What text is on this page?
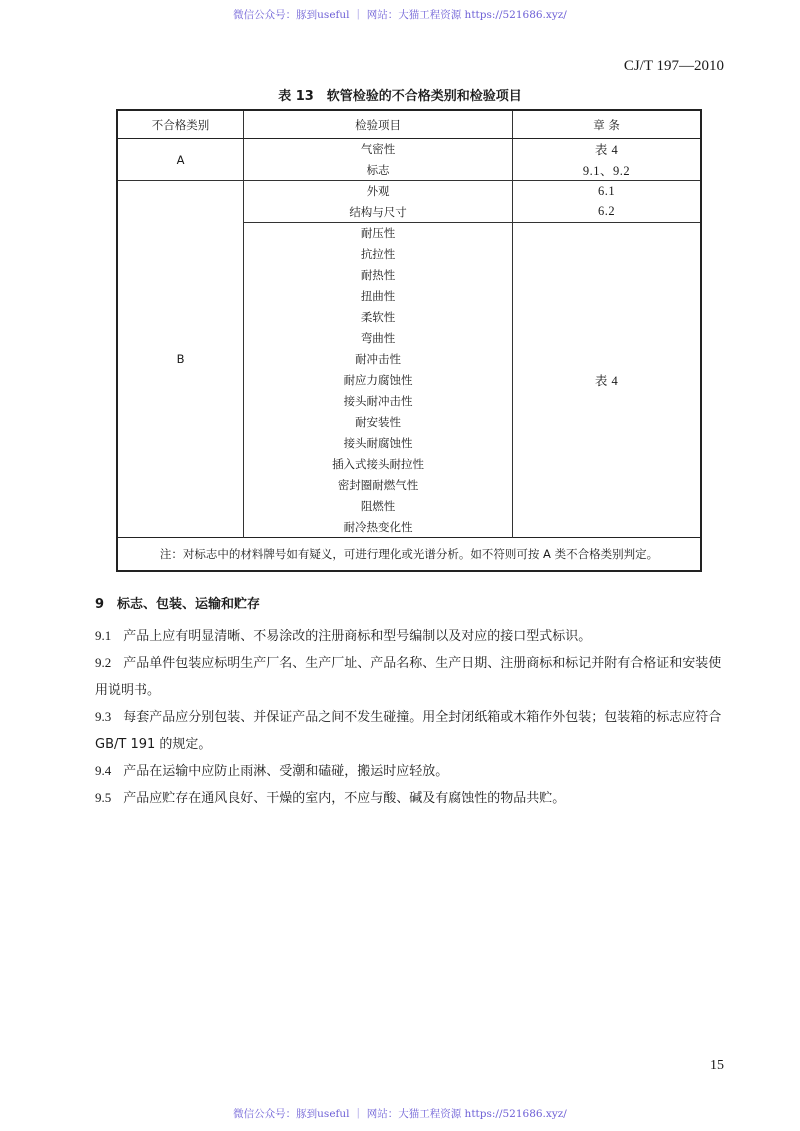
微信公众号：豚到useful ｜ 网站：大猫工程资源 https://521686.xyz/
CJ/T 197—2010
表 13　软管检验的不合格类别和检验项目
不合格类别	检验项目	章 条
A	气密性	表 4
	标志	9.1、9.2
B	外观	6.1
	结构与尺寸	6.2
	耐压性	表 4
	抗拉性	
	耐热性	
	扭曲性	
	柔软性	
	弯曲性	
	耐冲击性	
	耐应力腐蚀性	
	接头耐冲击性	
	耐安装性	
	接头耐腐蚀性	
	插入式接头耐拉性	
	密封圈耐燃气性	
	阻燃性	
	耐冷热变化性	
注：对标志中的材料牌号如有疑义，可进行理化或光谱分析。如不符则可按 A 类不合格类别判定。		
9　标志、包装、运输和贮存
9.1 产品上应有明显清晰、不易涂改的注册商标和型号编制以及对应的接口型式标识。
9.2 产品单件包装应标明生产厂名、生产厂址、产品名称、生产日期、注册商标和标记并附有合格证和安装使用说明书。
9.3 每套产品应分别包装、并保证产品之间不发生碰撞。用全封闭纸箱或木箱作外包装；包装箱的标志应符合 GB/T 191 的规定。
9.4 产品在运输中应防止雨淋、受潮和磕碰，搬运时应轻放。
9.5 产品应贮存在通风良好、干燥的室内，不应与酸、碱及有腐蚀性的物品共贮。
15
微信公众号：豚到useful ｜ 网站：大猫工程资源 https://521686.xyz/
